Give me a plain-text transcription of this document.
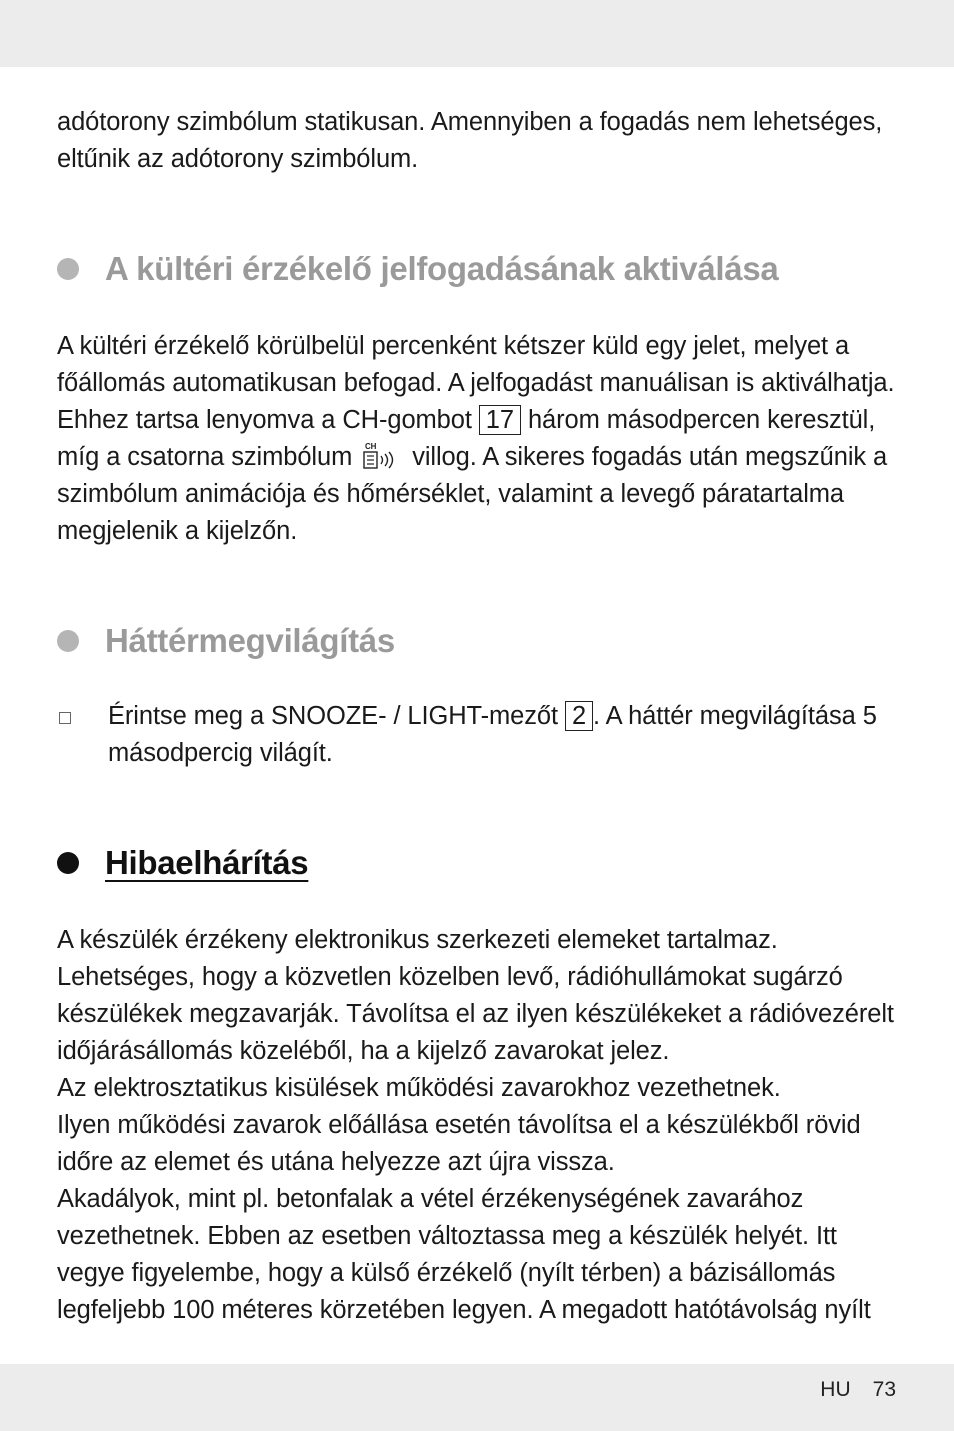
adótorony szimbólum statikusan. Amennyiben a fogadás nem lehetséges, eltűnik az adótorony szimbólum.

A kültéri érzékelő jelfogadásának aktiválása

A kültéri érzékelő körülbelül percenként kétszer küld egy jelet, melyet a főállomás automatikusan befogad. A jelfogadást manuálisan is aktiválhatja. Ehhez tartsa lenyomva a CH-gombot 17 három másodpercen keresztül, míg a csatorna szimbólum CH villog. A sikeres fogadás után megszűnik a szimbólum animációja és hőmérséklet, valamint a levegő páratartalma megjelenik a kijelzőn.

Háttérmegvilágítás

Érintse meg a SNOOZE- / LIGHT-mezőt 2 . A háttér megvilágítása 5 másodpercig világít.

Hibaelhárítás

A készülék érzékeny elektronikus szerkezeti elemeket tartalmaz. Lehetséges, hogy a közvetlen közelben levő, rádióhullámokat sugárzó készülékek megzavarják. Távolítsa el az ilyen készülékeket a rádióvezérelt időjárásállomás közeléből, ha a kijelző zavarokat jelez.

Az elektrosztatikus kisülések működési zavarokhoz vezethetnek.

Ilyen működési zavarok előállása esetén távolítsa el a készülékből rövid időre az elemet és utána helyezze azt újra vissza.

Akadályok, mint pl. betonfalak a vétel érzékenységének zavarához vezethetnek. Ebben az esetben változtassa meg a készülék helyét. Itt vegye figyelembe, hogy a külső érzékelő (nyílt térben) a bázisállomás legfeljebb 100 méteres körzetében legyen. A megadott hatótávolság nyílt

HU 73
